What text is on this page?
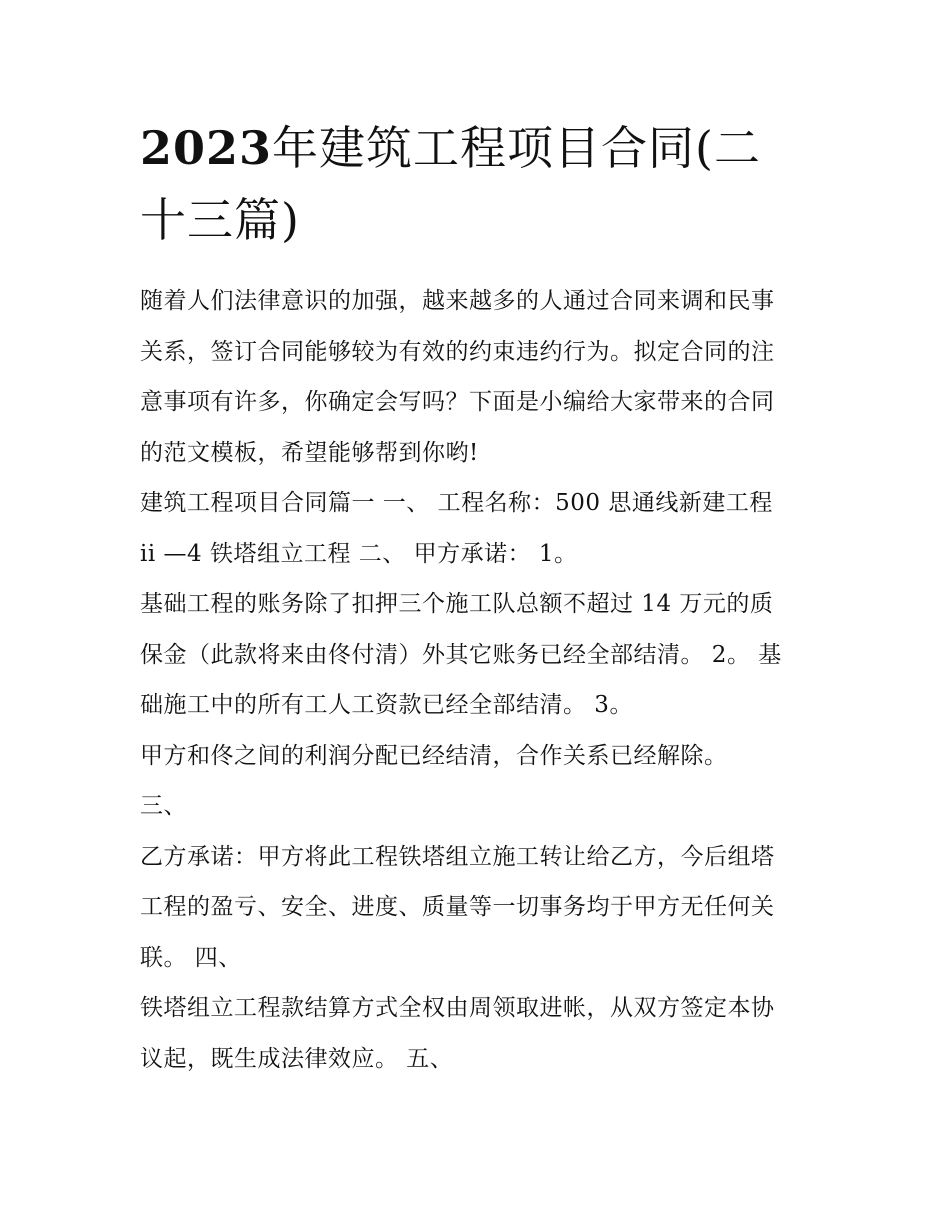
2023年建筑工程项目合同(二
十三篇)

随着人们法律意识的加强，越来越多的人通过合同来调和民事
关系，签订合同能够较为有效的约束违约行为。拟定合同的注
意事项有许多，你确定会写吗？下面是小编给大家带来的合同
的范文模板，希望能够帮到你哟!

建筑工程项目合同篇一 一、 工程名称：500 思通线新建工程
ii —4 铁塔组立工程 二、 甲方承诺： 1。

基础工程的账务除了扣押三个施工队总额不超过 14 万元的质
保金（此款将来由佟付清）外其它账务已经全部结清。 2。 基
础施工中的所有工人工资款已经全部结清。 3。

甲方和佟之间的利润分配已经结清，合作关系已经解除。

三、

乙方承诺：甲方将此工程铁塔组立施工转让给乙方，今后组塔
工程的盈亏、安全、进度、质量等一切事务均于甲方无任何关
联。 四、

铁塔组立工程款结算方式全权由周领取进帐，从双方签定本协
议起，既生成法律效应。 五、
